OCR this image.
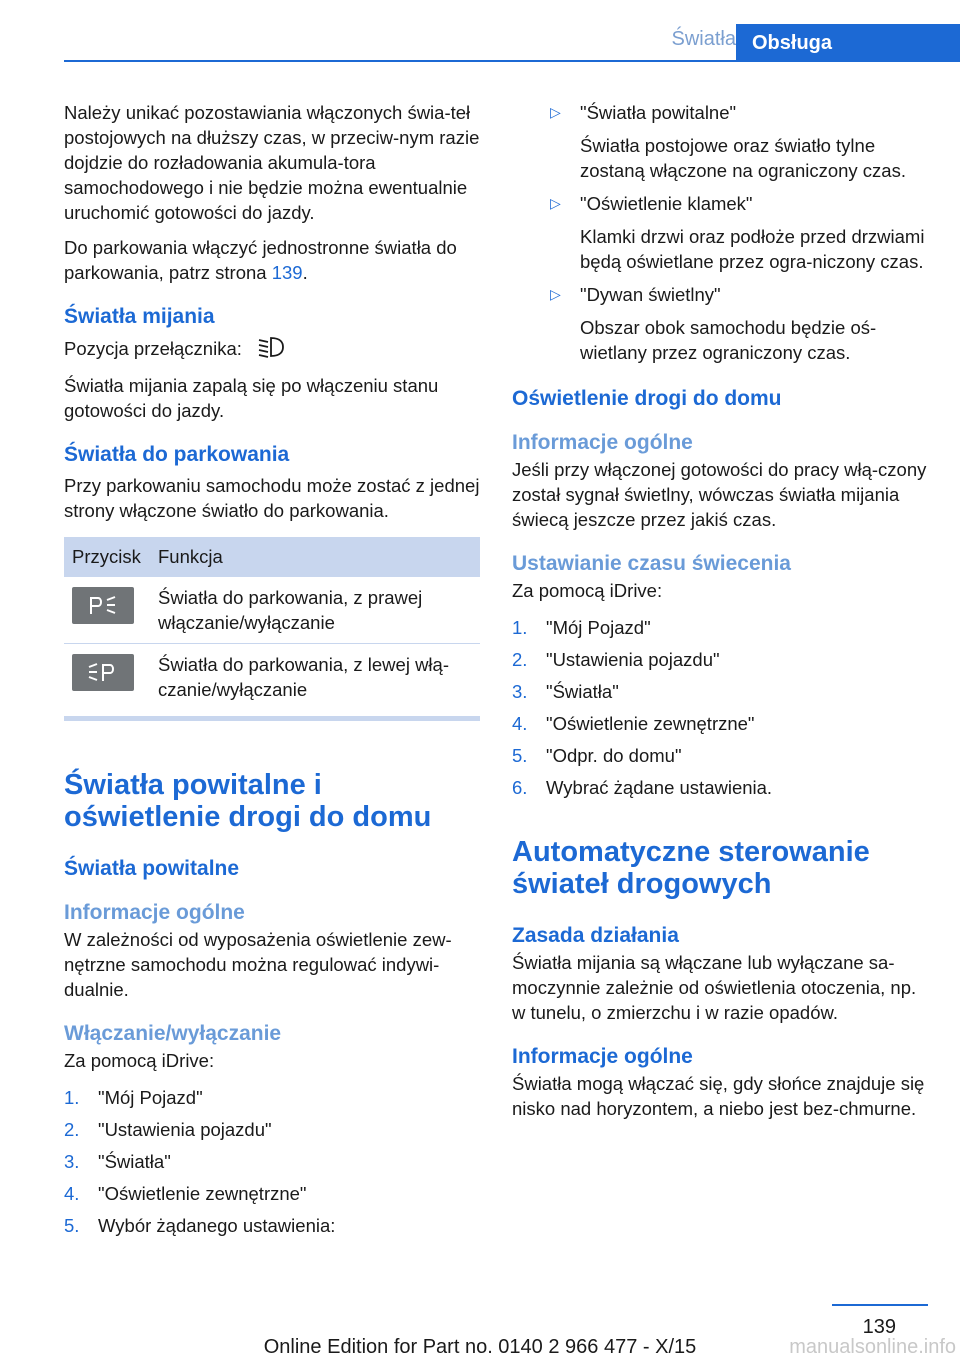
Światła Obsługa

Należy unikać pozostawiania włączonych świa‐teł postojowych na dłuższy czas, w przeciw‐nym razie dojdzie do rozładowania akumula‐tora samochodowego i nie będzie można ewentualnie uruchomić gotowości do jazdy.

Do parkowania włączyć jednostronne światła do parkowania, patrz strona 139.

Światła mijania

Pozycja przełącznika:

Światła mijania zapalą się po włączeniu stanu gotowości do jazdy.

Światła do parkowania

Przy parkowaniu samochodu może zostać z jednej strony włączone światło do parkowania.

Przycisk	Funkcja

	Światła do parkowania, z prawej włączanie/wyłączanie

	Światła do parkowania, z lewej włą‐czanie/wyłączanie
Światła powitalne i oświetlenie drogi do domu
Światła powitalne
Informacje ogólne

W zależności od wyposażenia oświetlenie zew‐nętrzne samochodu można regulować indywi‐dualnie.

Włączanie/wyłączanie

Za pomocą iDrive:

1.	"Mój Pojazd"
2.	"Ustawienia pojazdu"
3.	"Światła"
4.	"Oświetlenie zewnętrzne"
5.	Wybór żądanego ustawienia:
▷	"Światła powitalne"
Światła postojowe oraz światło tylne zostaną włączone na ograniczony czas.
▷	"Oświetlenie klamek"
Klamki drzwi oraz podłoże przed drzwiami będą oświetlane przez ogra‐niczony czas.
▷	"Dywan świetlny"
Obszar obok samochodu będzie oś‐wietlany przez ograniczony czas.
Oświetlenie drogi do domu
Informacje ogólne

Jeśli przy włączonej gotowości do pracy włą‐czony został sygnał świetlny, wówczas światła mijania świecą jeszcze przez jakiś czas.

Ustawianie czasu świecenia

Za pomocą iDrive:

1.	"Mój Pojazd"
2.	"Ustawienia pojazdu"
3.	"Światła"
4.	"Oświetlenie zewnętrzne"
5.	"Odpr. do domu"
6.	Wybrać żądane ustawienia.
Automatyczne sterowanie świateł drogowych
Zasada działania

Światła mijania są włączane lub wyłączane sa‐moczynnie zależnie od oświetlenia otoczenia, np. w tunelu, o zmierzchu i w razie opadów.

Informacje ogólne

Światła mogą włączać się, gdy słońce znajduje się nisko nad horyzontem, a niebo jest bez‐chmurne.

139
Online Edition for Part no. 0140 2 966 477 - X/15	manualsonline.info
